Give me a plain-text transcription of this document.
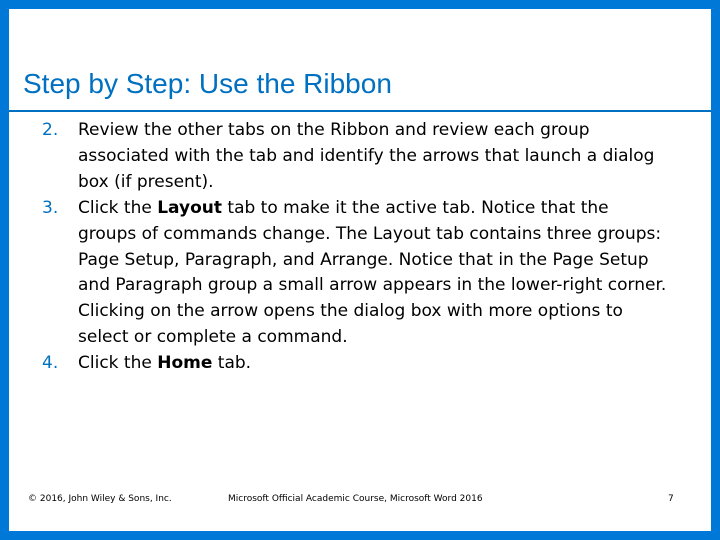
Step by Step: Use the Ribbon
2. Review the other tabs on the Ribbon and review each group associated with the tab and identify the arrows that launch a dialog box (if present).
3. Click the Layout tab to make it the active tab. Notice that the groups of commands change. The Layout tab contains three groups: Page Setup, Paragraph, and Arrange. Notice that in the Page Setup and Paragraph group a small arrow appears in the lower-right corner. Clicking on the arrow opens the dialog box with more options to select or complete a command.
4. Click the Home tab.
© 2016, John Wiley & Sons, Inc.	Microsoft Official Academic Course, Microsoft Word 2016	7
